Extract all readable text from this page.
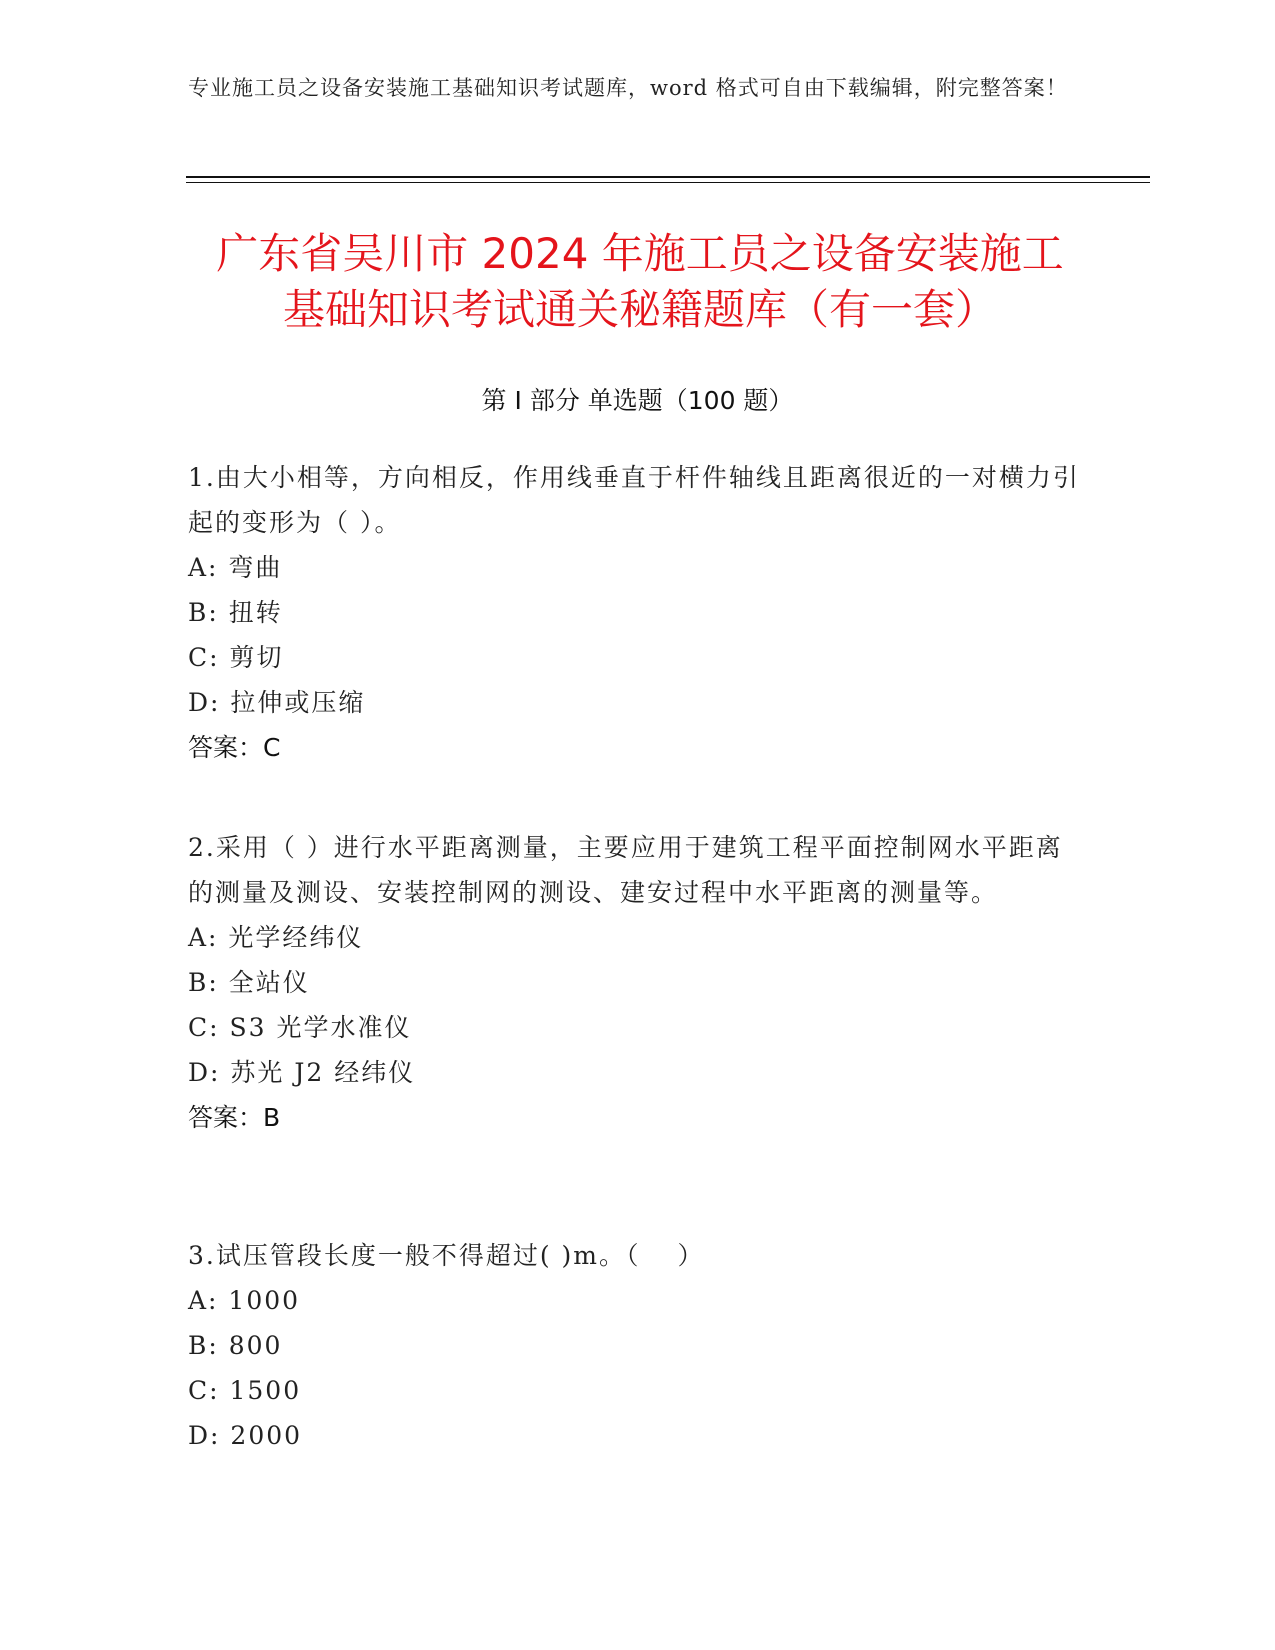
专业施工员之设备安装施工基础知识考试题库，word 格式可自由下载编辑，附完整答案！
广东省吴川市 2024 年施工员之设备安装施工
基础知识考试通关秘籍题库（有一套）
第 I 部分 单选题（100 题）

1.由大小相等，方向相反，作用线垂直于杆件轴线且距离很近的一对横力引起的变形为（ ）。

A: 弯曲

B: 扭转

C: 剪切

D: 拉伸或压缩

答案：C

2.采用（ ）进行水平距离测量，主要应用于建筑工程平面控制网水平距离的测量及测设、安装控制网的测设、建安过程中水平距离的测量等。

A: 光学经纬仪

B: 全站仪

C: S3 光学水准仪

D: 苏光 J2 经纬仪

答案：B

3.试压管段长度一般不得超过( )m。（　 ）

A: 1000

B: 800

C: 1500

D: 2000
